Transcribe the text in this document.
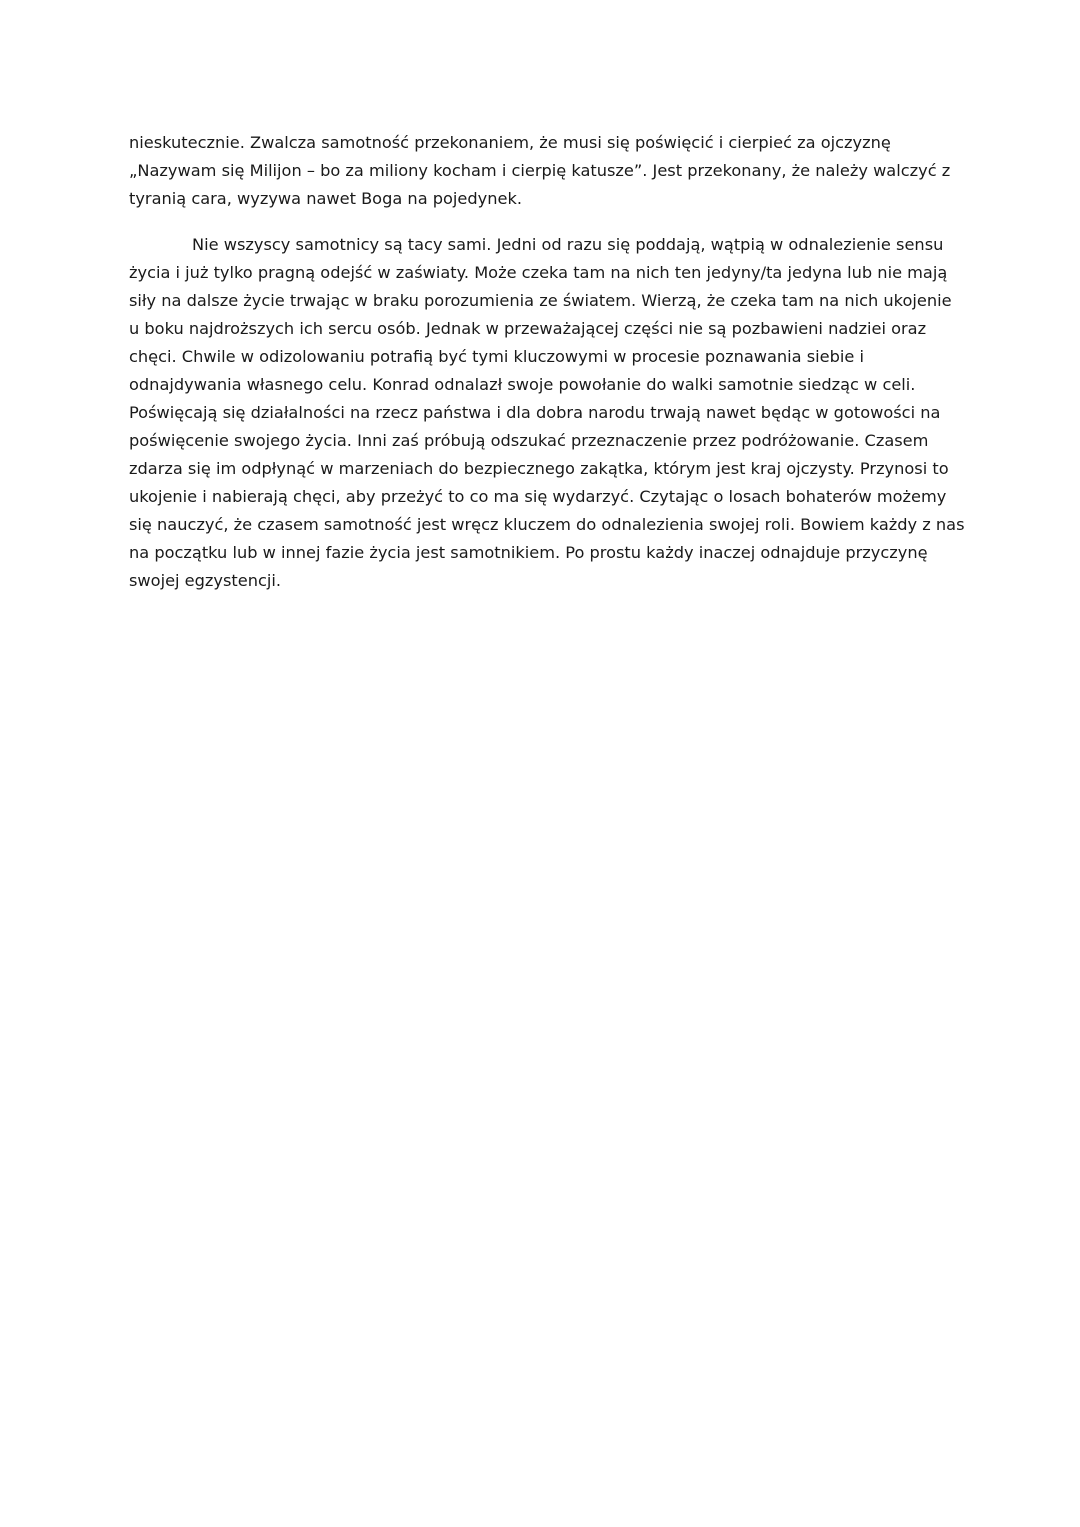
nieskutecznie. Zwalcza samotność przekonaniem, że musi się poświęcić i cierpieć za ojczyznę
„Nazywam się Milijon – bo za miliony kocham i cierpię katusze”. Jest przekonany, że należy walczyć z
tyranią cara, wyzywa nawet Boga na pojedynek.
Nie wszyscy samotnicy są tacy sami. Jedni od razu się poddają, wątpią w odnalezienie sensu
życia i już tylko pragną odejść w zaświaty. Może czeka tam na nich ten jedyny/ta jedyna lub nie mają
siły na dalsze życie trwając w braku porozumienia ze światem. Wierzą, że czeka tam na nich ukojenie
u boku najdroższych ich sercu osób. Jednak w przeważającej części nie są pozbawieni nadziei oraz
chęci. Chwile w odizolowaniu potrafią być tymi kluczowymi w procesie poznawania siebie i
odnajdywania własnego celu. Konrad odnalazł swoje powołanie do walki samotnie siedząc w celi.
Poświęcają się działalności na rzecz państwa i dla dobra narodu trwają nawet będąc w gotowości na
poświęcenie swojego życia. Inni zaś próbują odszukać przeznaczenie przez podróżowanie. Czasem
zdarza się im odpłynąć w marzeniach do bezpiecznego zakątka, którym jest kraj ojczysty. Przynosi to
ukojenie i nabierają chęci, aby przeżyć to co ma się wydarzyć. Czytając o losach bohaterów możemy
się nauczyć, że czasem samotność jest wręcz kluczem do odnalezienia swojej roli. Bowiem każdy z nas
na początku lub w innej fazie życia jest samotnikiem. Po prostu każdy inaczej odnajduje przyczynę
swojej egzystencji.
